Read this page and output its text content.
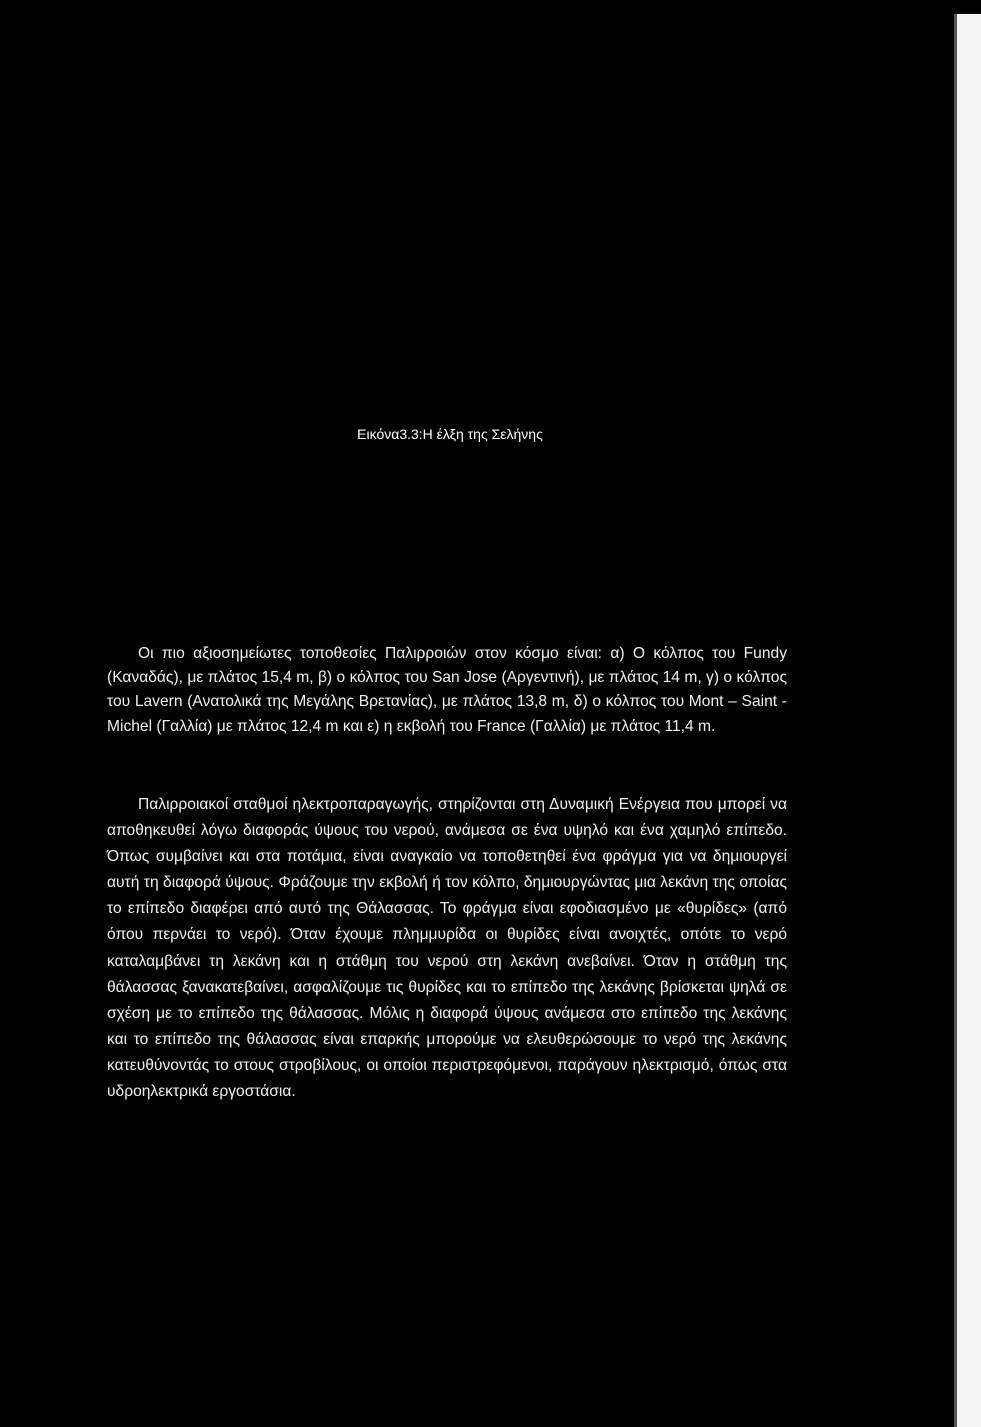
Εικόνα3.3:Η έλξη της Σελήνης

Οι πιο αξιοσημείωτες τοποθεσίες Παλιρροιών στον κόσμο είναι: α) Ο κόλπος του Fundy (Καναδάς), με πλάτος 15,4 m, β) ο κόλπος του San Jose (Αργεντινή), με πλάτος 14 m, γ) ο κόλπος του Lavern (Ανατολικά της Μεγάλης Βρετανίας), με πλάτος 13,8 m, δ) ο κόλπος του Mont – Saint - Michel (Γαλλία) με πλάτος 12,4 m και ε) η εκβολή του France (Γαλλία) με πλάτος 11,4 m.

Παλιρροιακοί σταθμοί ηλεκτροπαραγωγής, στηρίζονται στη Δυναμική Ενέργεια που μπορεί να αποθηκευθεί λόγω διαφοράς ύψους του νερού, ανάμεσα σε ένα υψηλό και ένα χαμηλό επίπεδο. Όπως συμβαίνει και στα ποτάμια, είναι αναγκαίο να τοποθετηθεί ένα φράγμα για να δημιουργεί αυτή τη διαφορά ύψους. Φράζουμε την εκβολή ή τον κόλπο, δημιουργώντας μια λεκάνη της οποίας το επίπεδο διαφέρει από αυτό της Θάλασσας. Το φράγμα είναι εφοδιασμένο με «θυρίδες» (από όπου περνάει το νερό). Όταν έχουμε πλημμυρίδα οι θυρίδες είναι ανοιχτές, οπότε το νερό καταλαμβάνει τη λεκάνη και η στάθμη του νερού στη λεκάνη ανεβαίνει. Όταν η στάθμη της θάλασσας ξανακατεβαίνει, ασφαλίζουμε τις θυρίδες και το επίπεδο της λεκάνης βρίσκεται ψηλά σε σχέση με το επίπεδο της θάλασσας. Μόλις η διαφορά ύψους ανάμεσα στο επίπεδο της λεκάνης και το επίπεδο της θάλασσας είναι επαρκής μπορούμε να ελευθερώσουμε το νερό της λεκάνης κατευθύνοντάς το στους στροβίλους, οι οποίοι περιστρεφόμενοι, παράγουν ηλεκτρισμό, όπως στα υδροηλεκτρικά εργοστάσια.
